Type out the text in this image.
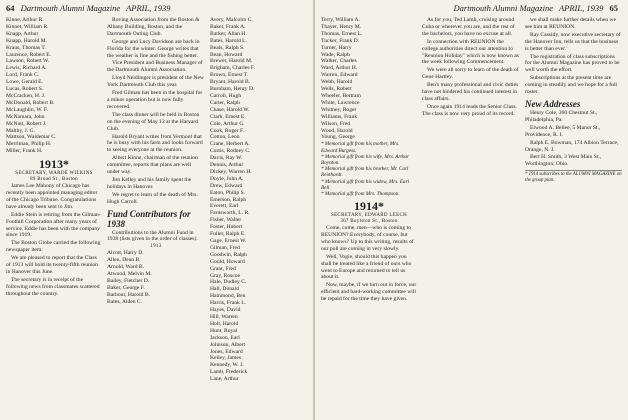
64 Dartmouth Alumni Magazine APRIL, 1939
Kinne, Arthur R.
Kinnet, William R.
Knapp, Arthur
Knapp, Harold M.
Kraus, Thomas T.
Laurence, Robert E.
Lawson, Robert W.
Lewis, Richard A.
Lord, Frank C.
Lowe, Gerald E.
Lucas, Robert S.
McCracken, H. J.
McDonald, Robert B.
McLaughlin, W. F.
McNamara, John
McNutt, Robert J.
Maltby, J. G.
Mattson, Waldemar C.
Merriman, Philip H.
Miller, Frank H.
1913*
SECRETARY, WARDE WILKINS
89 Broad St., Boston

James Lee Mahony of Chicago has recently been appointed managing editor of the Chicago Tribune. Congratulations have already been sent to Jim.

Eddie Stein is retiring from the Gilman-Foothill Corporation after many years of service. Eddie has been with the company since 1919.

The Boston Globe carried the following newspaper item:

We are pleased to report that the Class of 1913 will hold its twenty-fifth reunion in Hanover this June.

The secretary is in receipt of the following news from classmates scattered throughout the country.

Roving Association from the Boston & Albany Building, Boston, and the Dartmouth Outing Club.

George and Lucy Davidson are back in Florida for the winter. George writes that the weather is fine and the fishing better.

Vice President and Business Manager of the Dartmouth Alumni Association.

Lloyd Neidlinger is president of the New York Dartmouth Club this year.

Fred Gilman has been in the hospital for a minor operation but is now fully recovered.

The class dinner will be held in Boston on the evening of May 12 at the Harvard Club.

Harold Bryant writes from Vermont that he is busy with his farm and looks forward to seeing everyone at the reunion.

Albert Kinne, chairman of the reunion committee, reports that plans are well under way.

Jim Kelley and his family spent the holidays in Hanover.

We regret to learn of the death of Mrs. Hugh Carroll.

Fund Contributors for 1938

Contributions to the Alumni Fund in 1938 (lists given in the order of classes).

1913
Alcott, Harry D.
Allen, Dean B.
Arnold, Ward B.
Atwood, Melvin M.
Bailey, Fletcher D.
Baker, George F.
Barbour, Harold B.
Bates, Alden C.
Avery, Malcolm C.
Baker, Frank A.
Barker, Allan H.
Bates, Harold L.
Beals, Ralph S.
Bean, Howard
Brewer, Harold M.
Brigham, Charles F.
Brown, Ernest T.
Bryant, Harold B.
Burnham, Henry D.
Carroll, Hugh
Carter, Ralph
Chase, Harold W.
Clark, Ernest E.
Cole, Arthur G.
Cook, Roger F.
Cotton, Leon
Crane, Herbert A.
Curtis, Rodney C.
Davis, Ray W.
Dennis, Arthur
Dickey, Warren H.
Doyle, John A.
Drew, Edward
Eaton, Philip S.
Emerson, Ralph
Everett, Earl
Farnsworth, L. R.
Fisher, Walter
Foster, Hubert
Fuller, Ralph E.
Gage, Ernest W.
Gilman, Fred
Goodwin, Ralph
Gould, Howard
Grant, Fred
Gray, Roscoe
Hale, Dudley C.
Hall, Donald
Hammond, Ben
Harris, Frank L.
Hayes, David
Hill, Warren
Holt, Harold
Hunt, Royal
Jackson, Earl
Johnson, Albert
Jones, Edward
Kelley, James
Kennedy, W. J.
Lamb, Frederick
Lane, Arthur
Dartmouth Alumni Magazine APRIL, 1939 65
Terry, William A.
Thayer, Henry M.
Thomas, Ernest L.
Tucker, Frank D.
Turner, Harry
Wade, Ralph
Walker, Charles
Ward, Arthur H.
Warren, Edward
Webb, Harold
Wells, Robert
Wheeler, Bertram
White, Lawrence
Whitney, Roger
Williams, Frank
Wilson, Fred
Wood, Harold
Young, George
* Memorial gift from his mother, Mrs. Edward Burgess.
* Memorial gift from his wife, Mrs. Arthur Boynton.
* Memorial gift from his brother, Mr. Carl Reinhardt.
* Memorial gift from his widow, Mrs. Earl Bell.
* Memorial gift from Mrs. Thompson.
1914*
SECRETARY, EDWARD LEECH
367 Boylston St., Boston

Come, come, men—who is coming to REUNION? Everybody, of course, but who knows? Up to this writing, results of our poll are coming in very slowly.

Well, Vogie, should this happen you shall be treated like a friend of ours who went to Europe and returned to tell us about it.

Now, maybe, if we turn out in force, our efficient and hard-working committee will be repaid for the time they have given.

As for you, Ted Lamb, cruising around Cuba or wherever you are, and the rest of the bachelors, you have no excuse at all.

In connection with REUNION the college authorities direct our attention to "Reunion Holiday" which is now known as the week following Commencement.

We were all sorry to learn of the death of Gene Hartley.

Ben's many professional and civic duties have not hindered his continued interest in class affairs.

Once again 1914 leads the Senior Class. The class is now very proud of its record.

we shall make further details when we see him at REUNION.

Ray Cassidy, now executive secretary of the Hanover Inn, tells us that the business is better than ever.

The registration of class subscriptions for the Alumni Magazine has proved to be well worth the effort.

Subscriptions at the present time are coming in steadily and we hope for a full roster.

New Addresses

Henry Cole, 360 Chestnut St., Philadelphia, Pa.

Elwood A. Bellee, 5 Manor St., Providence, R. I.

Ralph E. Bowman, 174 Albion Terrace, Orange, N. J.

Bert H. Smith, 3 West Main St., Worthington, Ohio.

* 1914 subscribes to the ALUMNI MAGAZINE on the group plan.
